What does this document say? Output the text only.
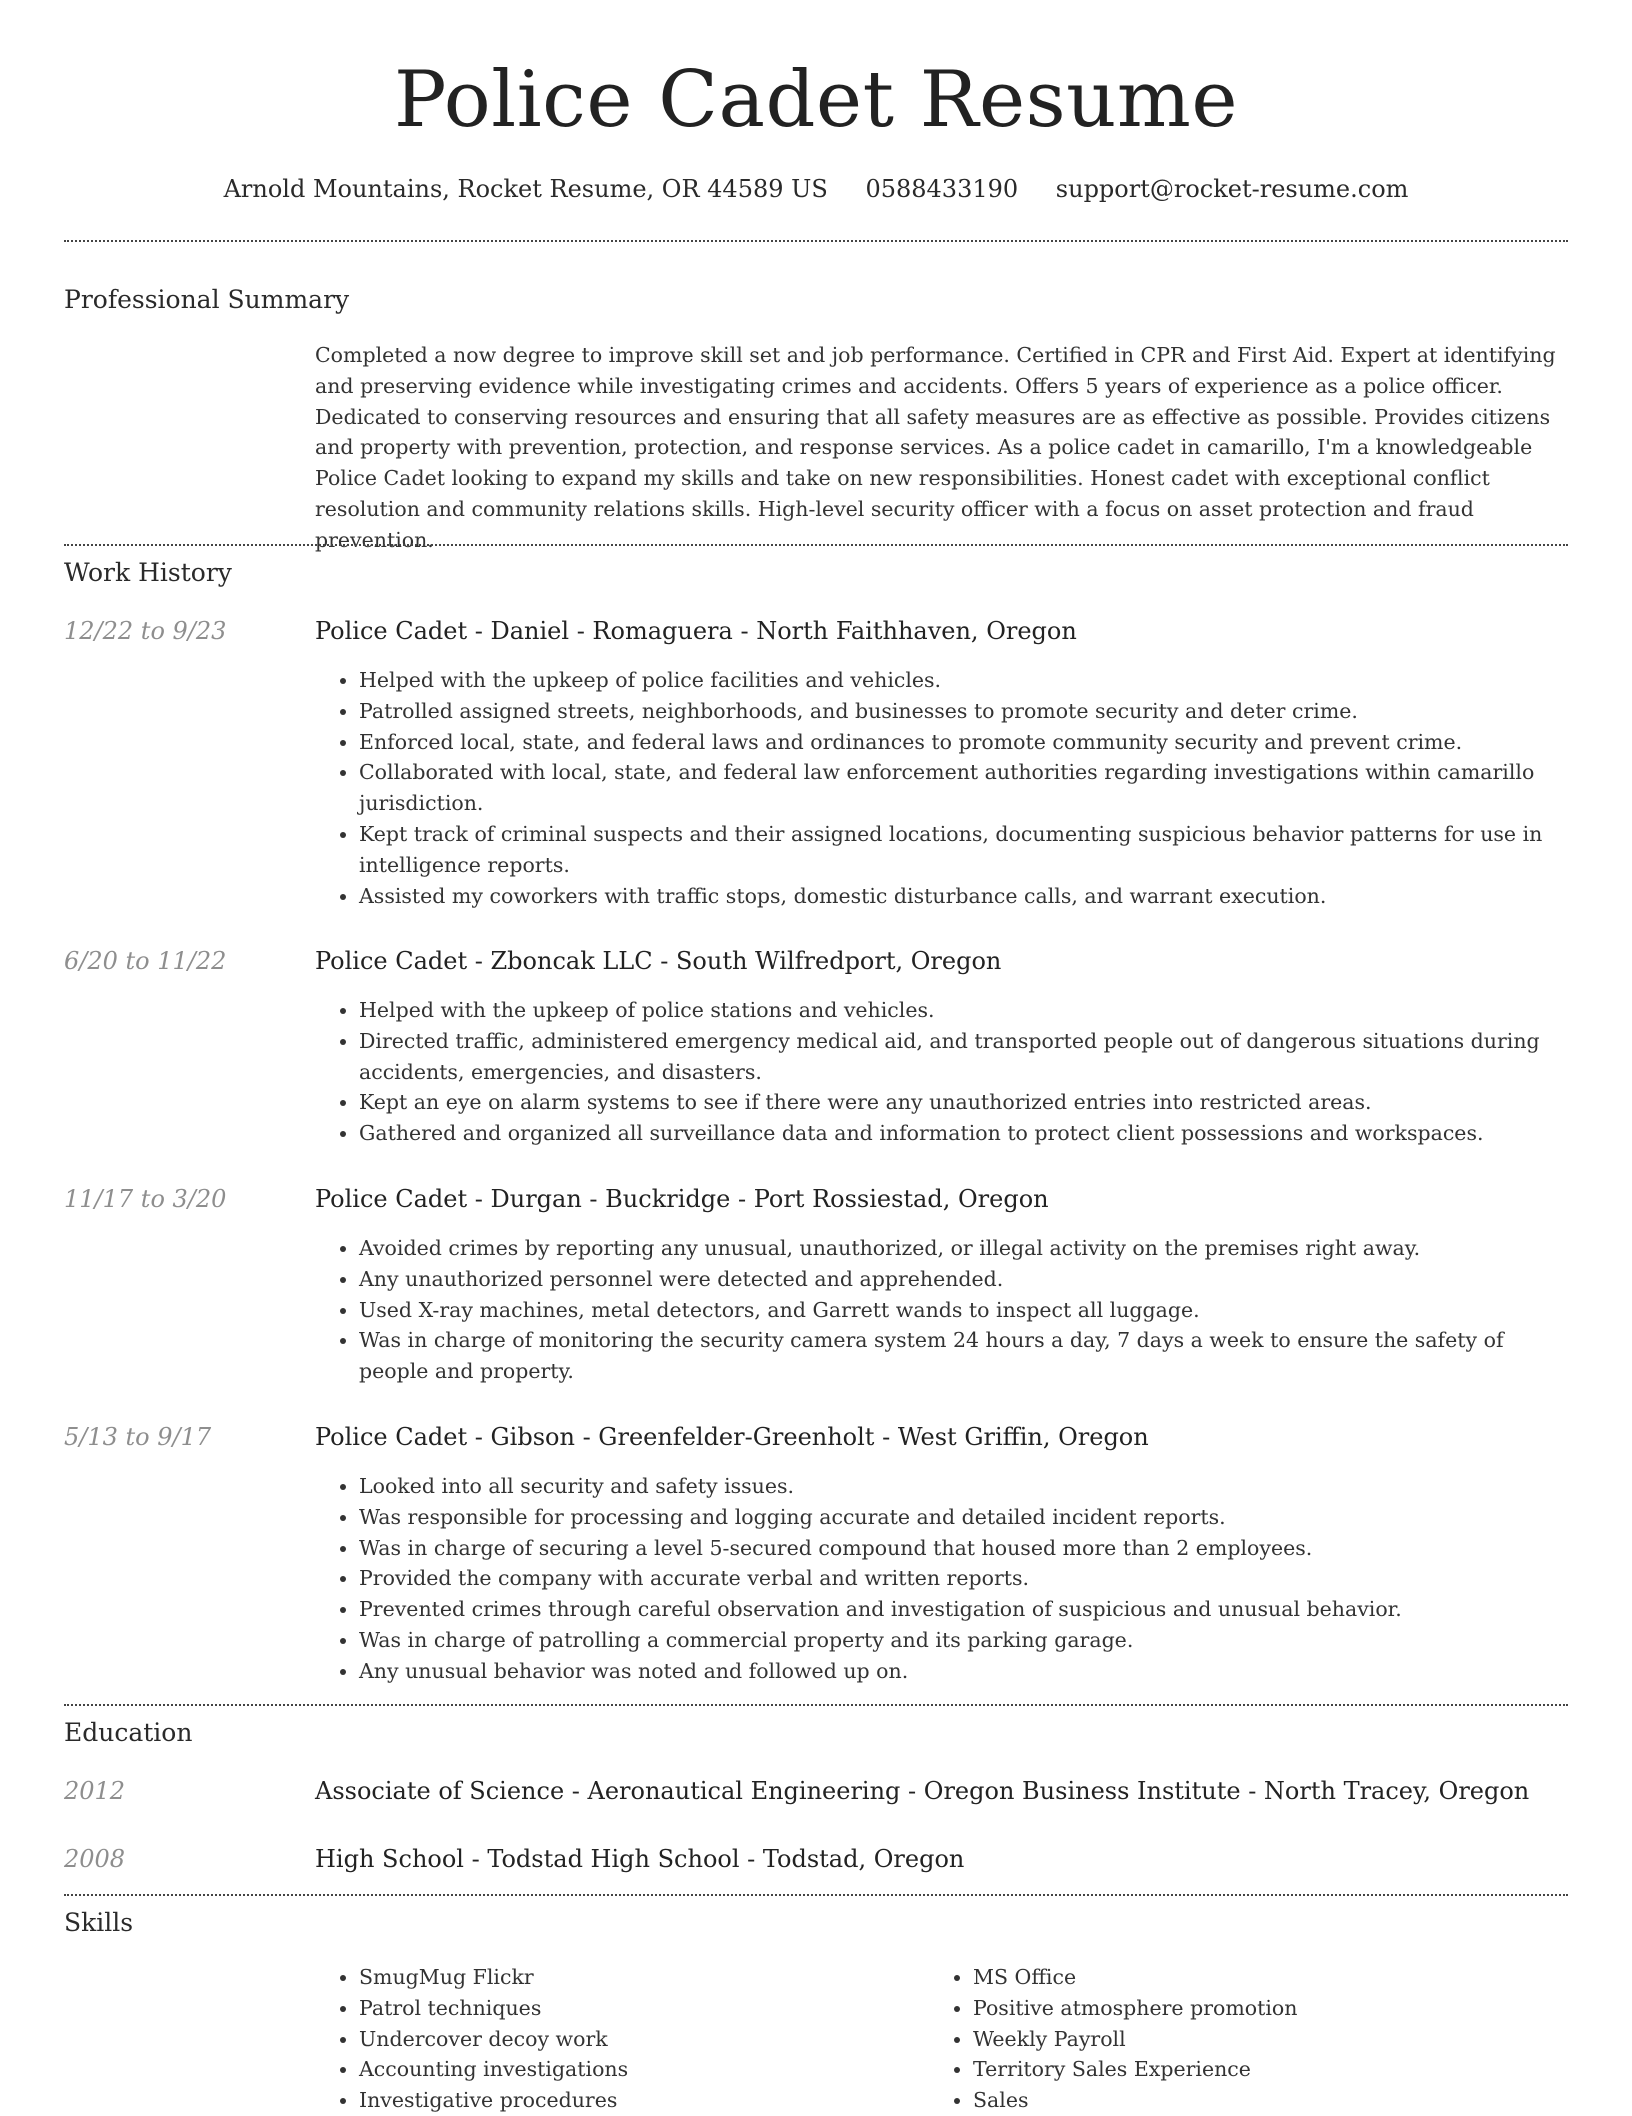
Police Cadet Resume
Arnold Mountains, Rocket Resume, OR 44589 US 0588433190 support@rocket-resume.com
Professional Summary

Completed a now degree to improve skill set and job performance. Certified in CPR and First Aid. Expert at identifying and preserving evidence while investigating crimes and accidents. Offers 5 years of experience as a police officer. Dedicated to conserving resources and ensuring that all safety measures are as effective as possible. Provides citizens and property with prevention, protection, and response services. As a police cadet in camarillo, I'm a knowledgeable Police Cadet looking to expand my skills and take on new responsibilities. Honest cadet with exceptional conflict resolution and community relations skills. High-level security officer with a focus on asset protection and fraud prevention.

Work History
12/22 to 9/23	Police Cadet - Daniel - Romaguera - North Faithhaven, Oregon
• Helped with the upkeep of police facilities and vehicles.
• Patrolled assigned streets, neighborhoods, and businesses to promote security and deter crime.
• Enforced local, state, and federal laws and ordinances to promote community security and prevent crime.
• Collaborated with local, state, and federal law enforcement authorities regarding investigations within camarillo jurisdiction.
• Kept track of criminal suspects and their assigned locations, documenting suspicious behavior patterns for use in intelligence reports.
• Assisted my coworkers with traffic stops, domestic disturbance calls, and warrant execution.
6/20 to 11/22	Police Cadet - Zboncak LLC - South Wilfredport, Oregon
• Helped with the upkeep of police stations and vehicles.
• Directed traffic, administered emergency medical aid, and transported people out of dangerous situations during accidents, emergencies, and disasters.
• Kept an eye on alarm systems to see if there were any unauthorized entries into restricted areas.
• Gathered and organized all surveillance data and information to protect client possessions and workspaces.
11/17 to 3/20	Police Cadet - Durgan - Buckridge - Port Rossiestad, Oregon
• Avoided crimes by reporting any unusual, unauthorized, or illegal activity on the premises right away.
• Any unauthorized personnel were detected and apprehended.
• Used X-ray machines, metal detectors, and Garrett wands to inspect all luggage.
• Was in charge of monitoring the security camera system 24 hours a day, 7 days a week to ensure the safety of people and property.
5/13 to 9/17	Police Cadet - Gibson - Greenfelder-Greenholt - West Griffin, Oregon
• Looked into all security and safety issues.
• Was responsible for processing and logging accurate and detailed incident reports.
• Was in charge of securing a level 5-secured compound that housed more than 2 employees.
• Provided the company with accurate verbal and written reports.
• Prevented crimes through careful observation and investigation of suspicious and unusual behavior.
• Was in charge of patrolling a commercial property and its parking garage.
• Any unusual behavior was noted and followed up on.
Education
2012	Associate of Science - Aeronautical Engineering - Oregon Business Institute - North Tracey, Oregon
2008	High School - Todstad High School - Todstad, Oregon
Skills
• SmugMug Flickr
• Patrol techniques
• Undercover decoy work
• Accounting investigations
• Investigative procedures
• MS Office
• Positive atmosphere promotion
• Weekly Payroll
• Territory Sales Experience
• Sales
